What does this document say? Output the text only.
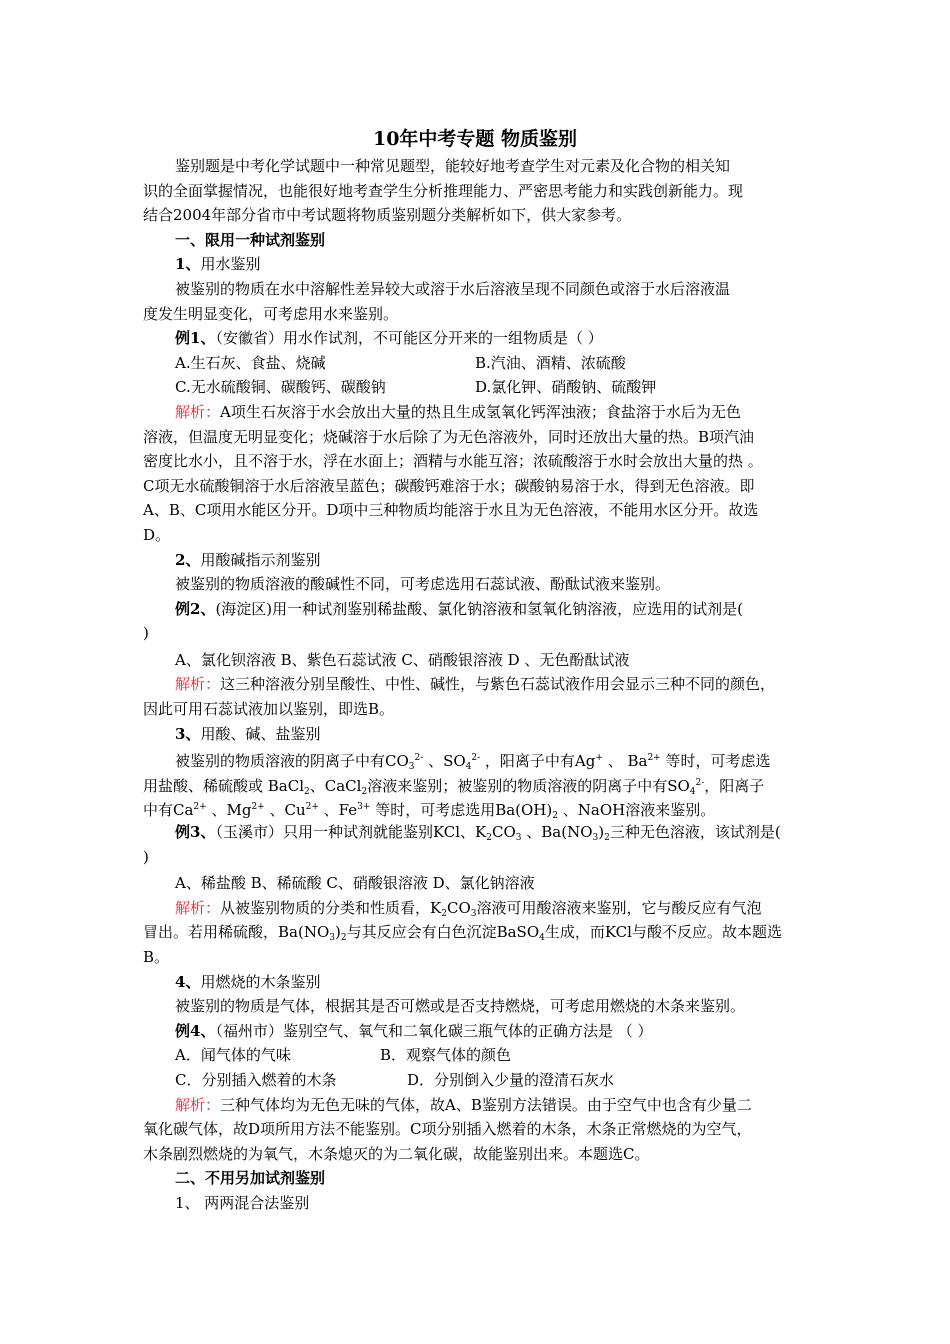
10年中考专题 物质鉴别
鉴别题是中考化学试题中一种常见题型，能较好地考查学生对元素及化合物的相关知
识的全面掌握情况，也能很好地考查学生分析推理能力、严密思考能力和实践创新能力。现
结合2004年部分省市中考试题将物质鉴别题分类解析如下，供大家参考。
一、限用一种试剂鉴别
1、用水鉴别
被鉴别的物质在水中溶解性差异较大或溶于水后溶液呈现不同颜色或溶于水后溶液温
度发生明显变化，可考虑用水来鉴别。
例1、（安徽省）用水作试剂，不可能区分开来的一组物质是（ ）
A.生石灰、食盐、烧碱	B.汽油、酒精、浓硫酸
C.无水硫酸铜、碳酸钙、碳酸钠	D.氯化钾、硝酸钠、硫酸钾
解析：A项生石灰溶于水会放出大量的热且生成氢氧化钙浑浊液；食盐溶于水后为无色
溶液，但温度无明显变化；烧碱溶于水后除了为无色溶液外，同时还放出大量的热。B项汽油
密度比水小，且不溶于水，浮在水面上；酒精与水能互溶；浓硫酸溶于水时会放出大量的热 。
C项无水硫酸铜溶于水后溶液呈蓝色；碳酸钙难溶于水；碳酸钠易溶于水，得到无色溶液。即
A、B、C项用水能区分开。D项中三种物质均能溶于水且为无色溶液，不能用水区分开。故选
D。
2、用酸碱指示剂鉴别
被鉴别的物质溶液的酸碱性不同，可考虑选用石蕊试液、酚酞试液来鉴别。
例2、(海淀区)用一种试剂鉴别稀盐酸、氯化钠溶液和氢氧化钠溶液，应选用的试剂是(
)
A、氯化钡溶液 B、紫色石蕊试液 C、硝酸银溶液 D 、无色酚酞试液
解析：这三种溶液分别呈酸性、中性、碱性，与紫色石蕊试液作用会显示三种不同的颜色，
因此可用石蕊试液加以鉴别，即选B。
3、用酸、碱、盐鉴别
被鉴别的物质溶液的阴离子中有$CO_3^{2-}$ 、$SO_4^{2-}$ ，阳离子中有Ag+ 、 $Ba^{2+}$ 等时，可考虑选
用盐酸、稀硫酸或 BaCl$_2$、CaCl$_2$溶液来鉴别；被鉴别的物质溶液的阴离子中有$SO_4^{2-}$，阳离子
中有$Ca^{2+}$ 、$Mg^{2+}$ 、$Cu^{2+}$ 、$Fe^{3+}$ 等时，可考虑选用$Ba(OH)_2$ 、NaOH溶液来鉴别。
例3、（玉溪市）只用一种试剂就能鉴别KCl、$K_2CO_3$ 、$Ba(NO_3)_2$三种无色溶液，该试剂是(
)
A、稀盐酸 B、稀硫酸 C、硝酸银溶液 D、氯化钠溶液
解析：从被鉴别物质的分类和性质看，$K_2CO_3$溶液可用酸溶液来鉴别，它与酸反应有气泡
冒出。若用稀硫酸，$Ba(NO_3)_2$与其反应会有白色沉淀BaSO$_4$生成，而KCl与酸不反应。故本题选
B。
4、用燃烧的木条鉴别
被鉴别的物质是气体，根据其是否可燃或是否支持燃烧，可考虑用燃烧的木条来鉴别。
例4、（福州市）鉴别空气、氧气和二氧化碳三瓶气体的正确方法是 （ ）
A．闻气体的气味	B．观察气体的颜色
C．分别插入燃着的木条	D．分别倒入少量的澄清石灰水
解析：三种气体均为无色无味的气体，故A、B鉴别方法错误。由于空气中也含有少量二
氧化碳气体，故D项所用方法不能鉴别。C项分别插入燃着的木条，木条正常燃烧的为空气，
木条剧烈燃烧的为氧气，木条熄灭的为二氧化碳，故能鉴别出来。本题选C。
二、不用另加试剂鉴别
1、 两两混合法鉴别
